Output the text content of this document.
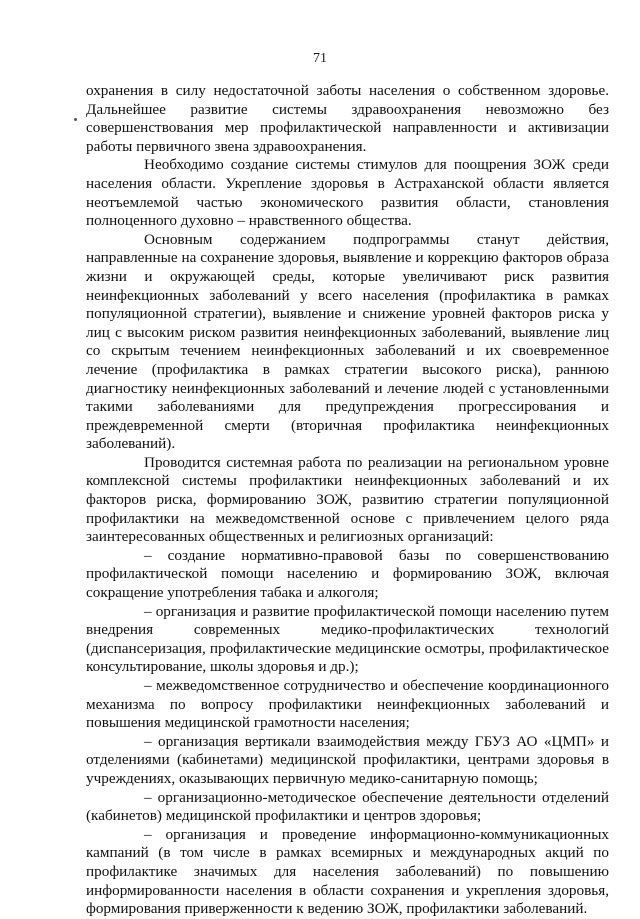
71

охранения в силу недостаточной заботы населения о собственном здоровье. Дальнейшее развитие системы здравоохранения невозможно без совершенствования мер профилактической направленности и активизации работы первичного звена здравоохранения.

Необходимо создание системы стимулов для поощрения ЗОЖ среди населения области. Укрепление здоровья в Астраханской области является неотъемлемой частью экономического развития области, становления полноценного духовно – нравственного общества.

Основным содержанием подпрограммы станут действия, направленные на сохранение здоровья, выявление и коррекцию факторов образа жизни и окружающей среды, которые увеличивают риск развития неинфекционных заболеваний у всего населения (профилактика в рамках популяционной стратегии), выявление и снижение уровней факторов риска у лиц с высоким риском развития неинфекционных заболеваний, выявление лиц со скрытым течением неинфекционных заболеваний и их своевременное лечение (профилактика в рамках стратегии высокого риска), раннюю диагностику неинфекционных заболеваний и лечение людей с установленными такими заболеваниями для предупреждения прогрессирования и преждевременной смерти (вторичная профилактика неинфекционных заболеваний).

Проводится системная работа по реализации на региональном уровне комплексной системы профилактики неинфекционных заболеваний и их факторов риска, формированию ЗОЖ, развитию стратегии популяционной профилактики на межведомственной основе с привлечением целого ряда заинтересованных общественных и религиозных организаций:

– создание нормативно-правовой базы по совершенствованию профилактической помощи населению и формированию ЗОЖ, включая сокращение употребления табака и алкоголя;

– организация и развитие профилактической помощи населению путем внедрения современных медико-профилактических технологий (диспансеризация, профилактические медицинские осмотры, профилактическое консультирование, школы здоровья и др.);

– межведомственное сотрудничество и обеспечение координационного механизма по вопросу профилактики неинфекционных заболеваний и повышения медицинской грамотности населения;

– организация вертикали взаимодействия между ГБУЗ АО «ЦМП» и отделениями (кабинетами) медицинской профилактики, центрами здоровья в учреждениях, оказывающих первичную медико-санитарную помощь;

– организационно-методическое обеспечение деятельности отделений (кабинетов) медицинской профилактики и центров здоровья;

– организация и проведение информационно-коммуникационных кампаний (в том числе в рамках всемирных и международных акций по профилактике значимых для населения заболеваний) по повышению информированности населения в области сохранения и укрепления здоровья, формирования приверженности к ведению ЗОЖ, профилактики заболеваний.
